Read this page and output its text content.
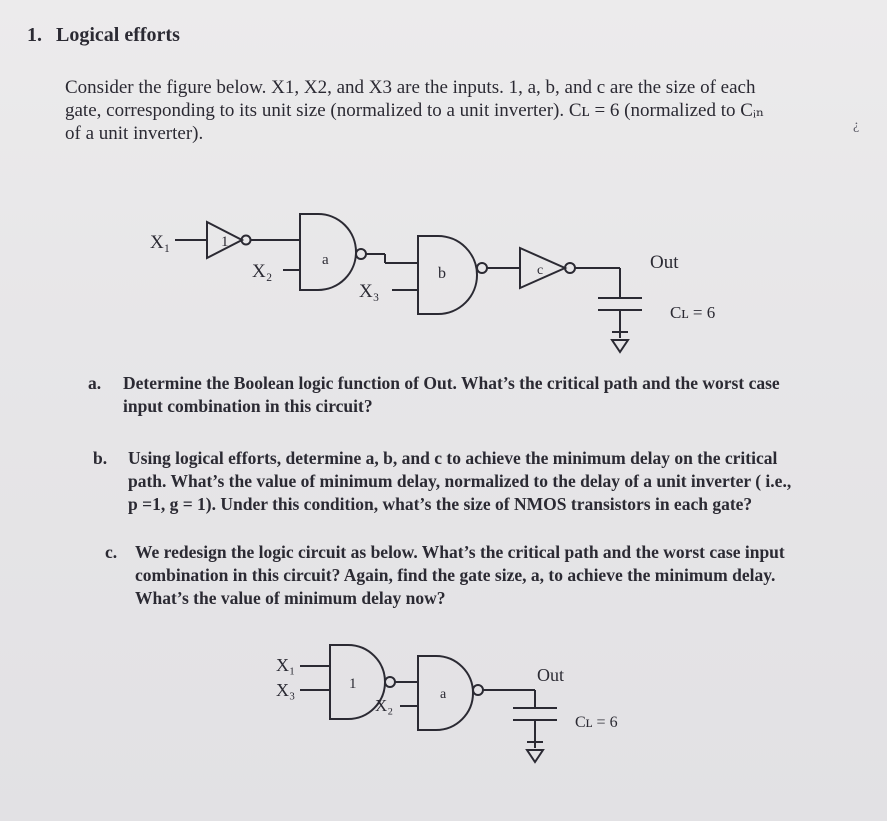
1. Logical efforts
Consider the figure below. X1, X2, and X3 are the inputs. 1, a, b, and c are the size of each
gate, corresponding to its unit size (normalized to a unit inverter). Cʟ = 6 (normalized to Cᵢₙ
of a unit inverter).	¿
X₁	1
X₂
a
X₃
b	c	Out
Cʟ = 6
X₁
X₃	1
X₂
a
Out
Cʟ = 6
a. Determine the Boolean logic function of Out. What’s the critical path and the worst case
input combination in this circuit?
b. Using logical efforts, determine a, b, and c to achieve the minimum delay on the critical
path. What’s the value of minimum delay, normalized to the delay of a unit inverter ( i.e.,
p =1, g = 1). Under this condition, what’s the size of NMOS transistors in each gate?
c. We redesign the logic circuit as below. What’s the critical path and the worst case input
combination in this circuit? Again, find the gate size, a, to achieve the minimum delay.
What’s the value of minimum delay now?
